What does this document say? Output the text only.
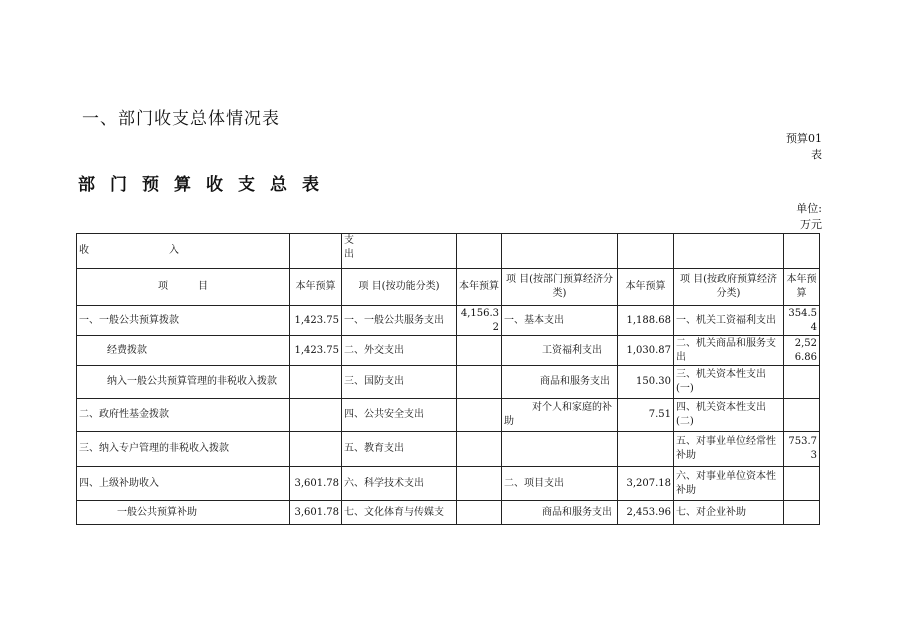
一、部门收支总体情况表
预算01
表
部门预算收支总表
单位:
万元
收　　　　　　　　入		支
出					
项　　　目	本年预算	项 目(按功能分类)	本年预算	项 目(按部门预算经济分类)	本年预算	项 目(按政府预算经济分类)	本年预算
一、一般公共预算拨款	1,423.75	一、一般公共服务支出	4,156.32	一、基本支出	1,188.68	一、机关工资福利支出	354.54
经费拨款	1,423.75	二、外交支出		工资福利支出	1,030.87	二、机关商品和服务支出	2,526.86
纳入一般公共预算管理的非税收入拨款		三、国防支出		商品和服务支出	150.30	三、机关资本性支出(一)	
二、政府性基金拨款		四、公共安全支出		对个人和家庭的补助	7.51	四、机关资本性支出(二)	
三、纳入专户管理的非税收入拨款		五、教育支出				五、对事业单位经常性补助	753.73
四、上级补助收入	3,601.78	六、科学技术支出		二、项目支出	3,207.18	六、对事业单位资本性补助	
一般公共预算补助	3,601.78	七、文化体育与传媒支		商品和服务支出	2,453.96	七、对企业补助	
